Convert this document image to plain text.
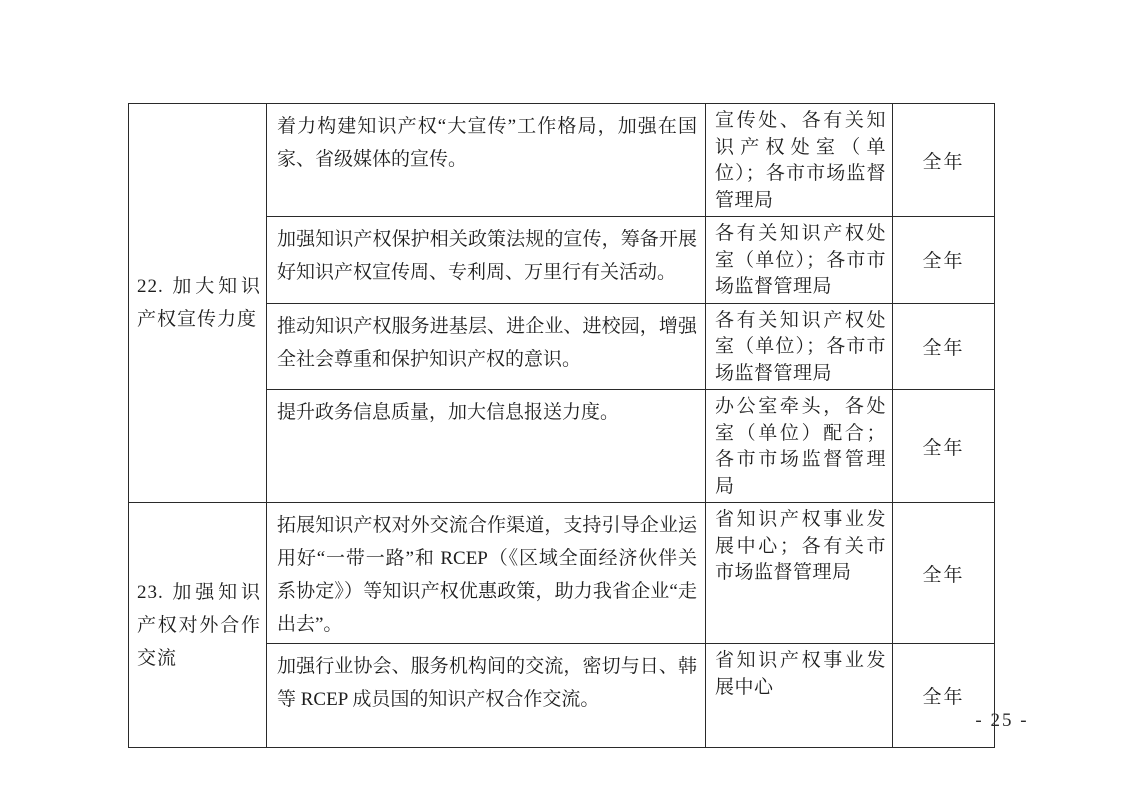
22. 加大知识产权宣传力度	着力构建知识产权“大宣传”工作格局，加强在国家、省级媒体的宣传。	宣传处、各有关知识产权处室（单位）；各市市场监督管理局	全年
	加强知识产权保护相关政策法规的宣传，筹备开展好知识产权宣传周、专利周、万里行有关活动。	各有关知识产权处室（单位）；各市市场监督管理局	全年
	推动知识产权服务进基层、进企业、进校园，增强全社会尊重和保护知识产权的意识。	各有关知识产权处室（单位）；各市市场监督管理局	全年
	提升政务信息质量，加大信息报送力度。	办公室牵头，各处室（单位）配合；各市市场监督管理局	全年
23. 加强知识产权对外合作交流	拓展知识产权对外交流合作渠道，支持引导企业运用好“一带一路”和 RCEP（《区域全面经济伙伴关系协定》）等知识产权优惠政策，助力我省企业“走出去”。	省知识产权事业发展中心；各有关市市场监督管理局	全年
	加强行业协会、服务机构间的交流，密切与日、韩等 RCEP 成员国的知识产权合作交流。	省知识产权事业发展中心	全年
- 25 -
